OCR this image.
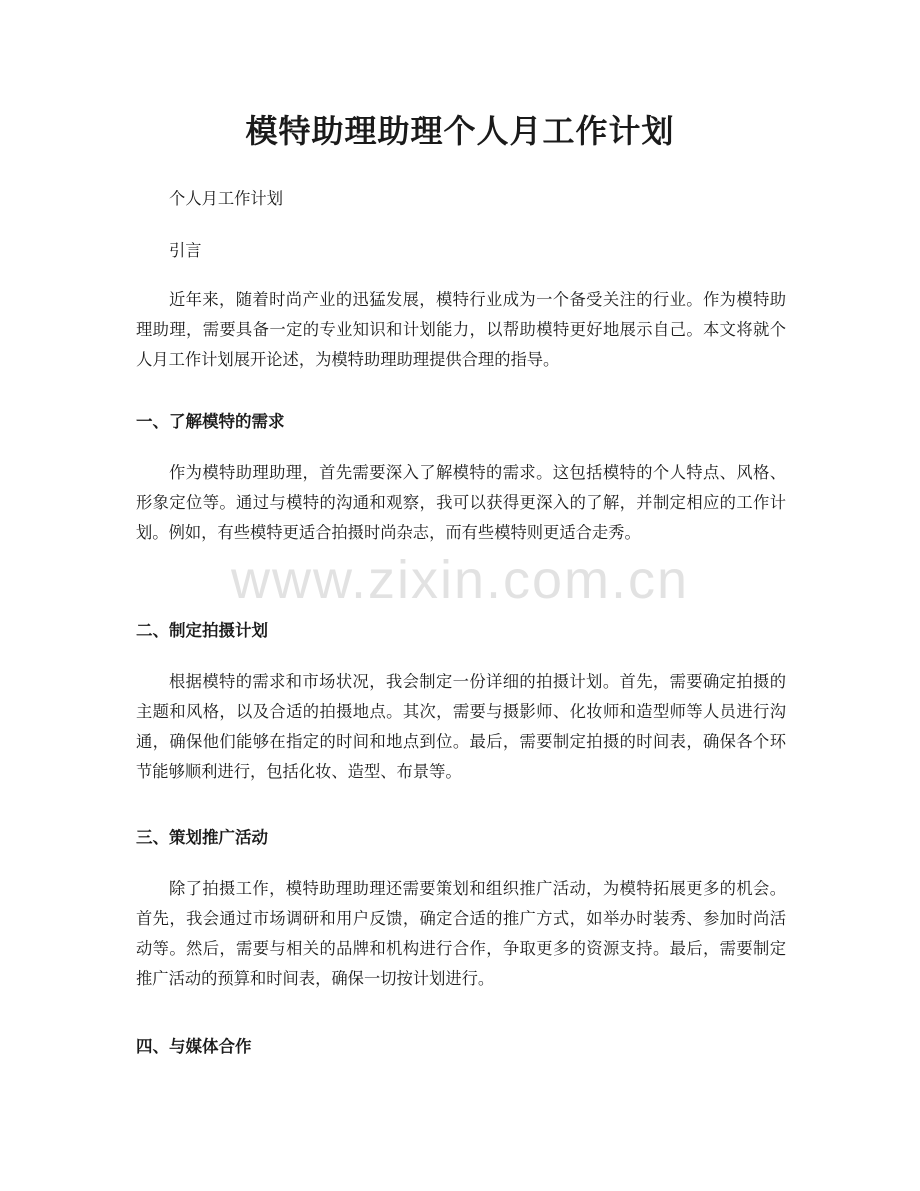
模特助理助理个人月工作计划

个人月工作计划

引言

近年来，随着时尚产业的迅猛发展，模特行业成为一个备受关注的行业。作为模特助理助理，需要具备一定的专业知识和计划能力，以帮助模特更好地展示自己。本文将就个人月工作计划展开论述，为模特助理助理提供合理的指导。

一、了解模特的需求

作为模特助理助理，首先需要深入了解模特的需求。这包括模特的个人特点、风格、形象定位等。通过与模特的沟通和观察，我可以获得更深入的了解，并制定相应的工作计划。例如，有些模特更适合拍摄时尚杂志，而有些模特则更适合走秀。

二、制定拍摄计划

根据模特的需求和市场状况，我会制定一份详细的拍摄计划。首先，需要确定拍摄的主题和风格，以及合适的拍摄地点。其次，需要与摄影师、化妆师和造型师等人员进行沟通，确保他们能够在指定的时间和地点到位。最后，需要制定拍摄的时间表，确保各个环节能够顺利进行，包括化妆、造型、布景等。

三、策划推广活动

除了拍摄工作，模特助理助理还需要策划和组织推广活动，为模特拓展更多的机会。首先，我会通过市场调研和用户反馈，确定合适的推广方式，如举办时装秀、参加时尚活动等。然后，需要与相关的品牌和机构进行合作，争取更多的资源支持。最后，需要制定推广活动的预算和时间表，确保一切按计划进行。

四、与媒体合作
www.zixin.com.cn
